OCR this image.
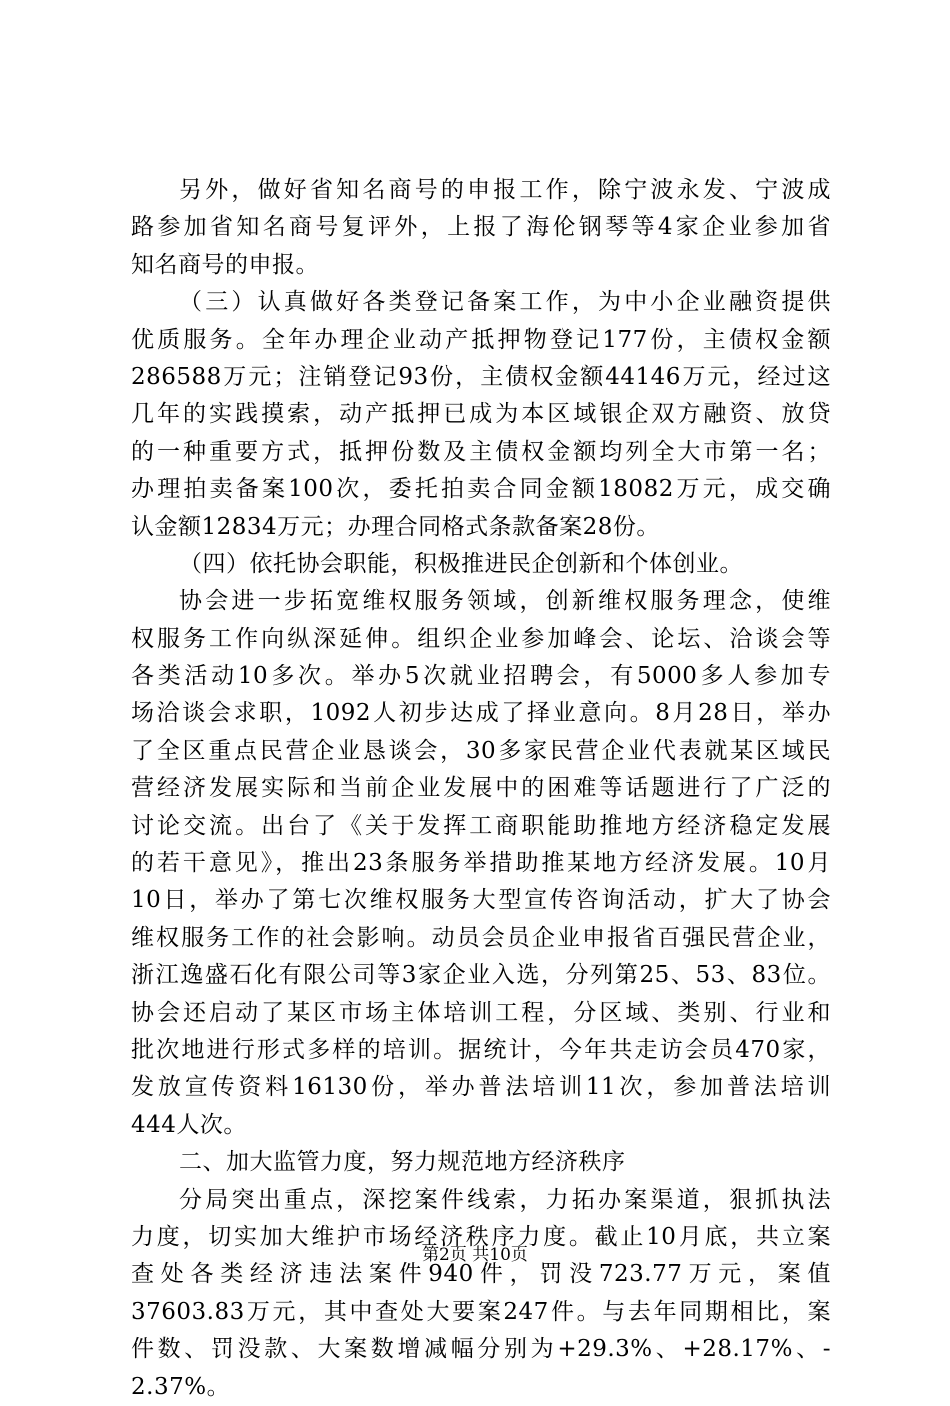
另外，做好省知名商号的申报工作，除宁波永发、宁波成
路参加省知名商号复评外，上报了海伦钢琴等4家企业参加省
知名商号的申报。
（三）认真做好各类登记备案工作，为中小企业融资提供
优质服务。全年办理企业动产抵押物登记177份，主债权金额
286588万元；注销登记93份，主债权金额44146万元，经过这
几年的实践摸索，动产抵押已成为本区域银企双方融资、放贷
的一种重要方式，抵押份数及主债权金额均列全大市第一名；
办理拍卖备案100次，委托拍卖合同金额18082万元，成交确
认金额12834万元；办理合同格式条款备案28份。
（四）依托协会职能，积极推进民企创新和个体创业。
协会进一步拓宽维权服务领域，创新维权服务理念，使维
权服务工作向纵深延伸。组织企业参加峰会、论坛、洽谈会等
各类活动10多次。举办5次就业招聘会，有5000多人参加专
场洽谈会求职，1092人初步达成了择业意向。8月28日，举办
了全区重点民营企业恳谈会，30多家民营企业代表就某区域民
营经济发展实际和当前企业发展中的困难等话题进行了广泛的
讨论交流。出台了《关于发挥工商职能助推地方经济稳定发展
的若干意见》，推出23条服务举措助推某地方经济发展。10月
10日，举办了第七次维权服务大型宣传咨询活动，扩大了协会
维权服务工作的社会影响。动员会员企业申报省百强民营企业，
浙江逸盛石化有限公司等3家企业入选，分列第25、53、83位。
协会还启动了某区市场主体培训工程，分区域、类别、行业和
批次地进行形式多样的培训。据统计，今年共走访会员470家，
发放宣传资料16130份，举办普法培训11次，参加普法培训
444人次。
二、加大监管力度，努力规范地方经济秩序
分局突出重点，深挖案件线索，力拓办案渠道，狠抓执法
力度，切实加大维护市场经济秩序力度。截止10月底，共立案
查处各类经济违法案件940件，罚没723.77万元，案值
37603.83万元，其中查处大要案247件。与去年同期相比，案
件数、罚没款、大案数增减幅分别为+29.3%、+28.17%、-
2.37%。
第2页 共10页
